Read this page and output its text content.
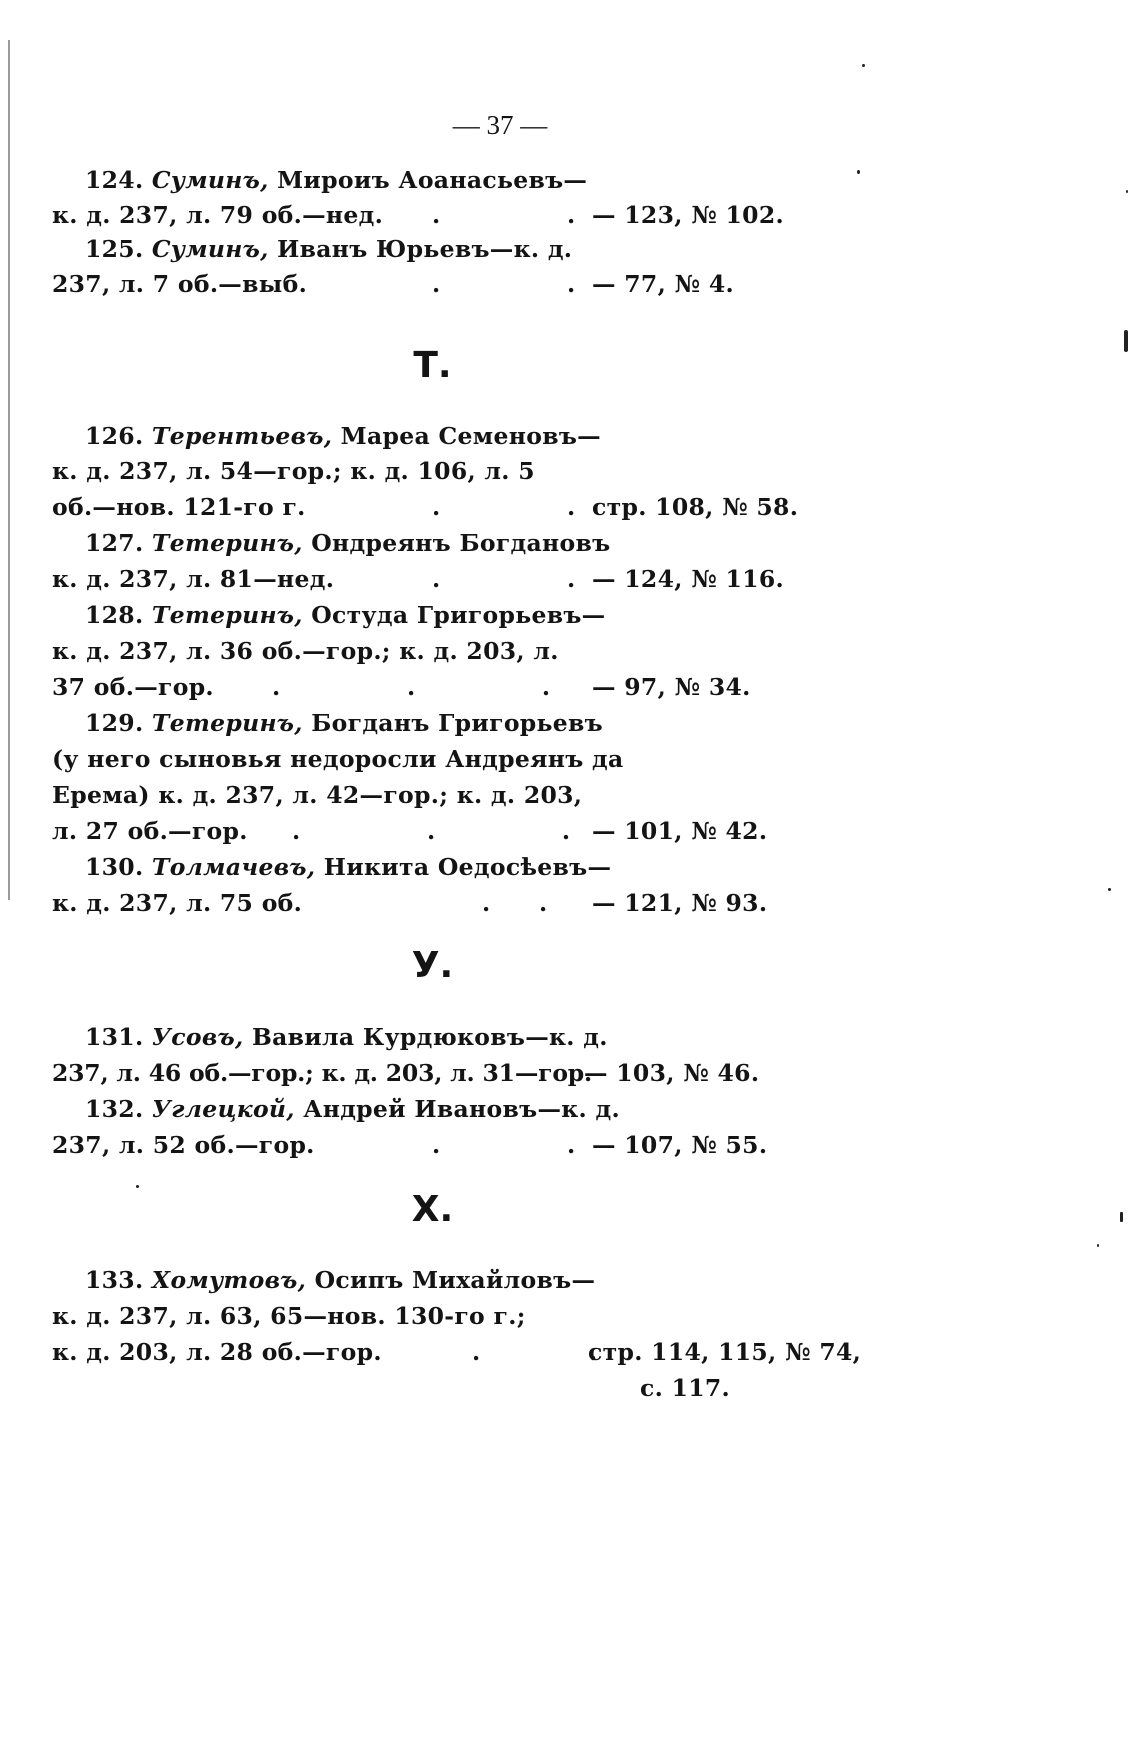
— 37 —
124. Суминъ, Мироиъ Аоанасьевъ—
к. д. 237, л. 79 об.—нед. . . — 123, № 102.
125. Суминъ, Иванъ Юрьевъ—к. д.
237, л. 7 об.—выб.	. . — 77, № 4.
Т.
126. Терентьевъ, Мареа Семеновъ—
к. д. 237, л. 54—гор.; к. д. 106, л. 5
об.—нов. 121-го г.	. . стр. 108, № 58.
127. Тетеринъ, Ондреянъ Богдановъ
к. д. 237, л. 81—нед.	. . — 124, № 116.
128. Тетеринъ, Остуда Григорьевъ—
к. д. 237, л. 36 об.—гор.; к. д. 203, л.
37 об.—гор. . . .	— 97, № 34.
129. Тетеринъ, Богданъ Григорьевъ
(у него сыновья недоросли Андреянъ да
Ерема) к. д. 237, л. 42—гор.; к. д. 203,
л. 27 об.—гор. . . . — 101, № 42.
130. Толмачевъ, Никита Оедосѣевъ—
к. д. 237, л. 75 об.	. .	— 121, № 93.
У.
131. Усовъ, Вавила Курдюковъ—к. д.
237, л. 46 об.—гор.; к. д. 203, л. 31—гор.
— 103, № 46.
132. Углецкой, Андрей Ивановъ—к. д.
237, л. 52 об.—гор.	. . — 107, № 55.
Х.
133. Хомутовъ, Осипъ Михайловъ—
к. д. 237, л. 63, 65—нов. 130-го г.;
к. д. 203, л. 28 об.—гор.	. .
стр. 114, 115, № 74,
с. 117.
